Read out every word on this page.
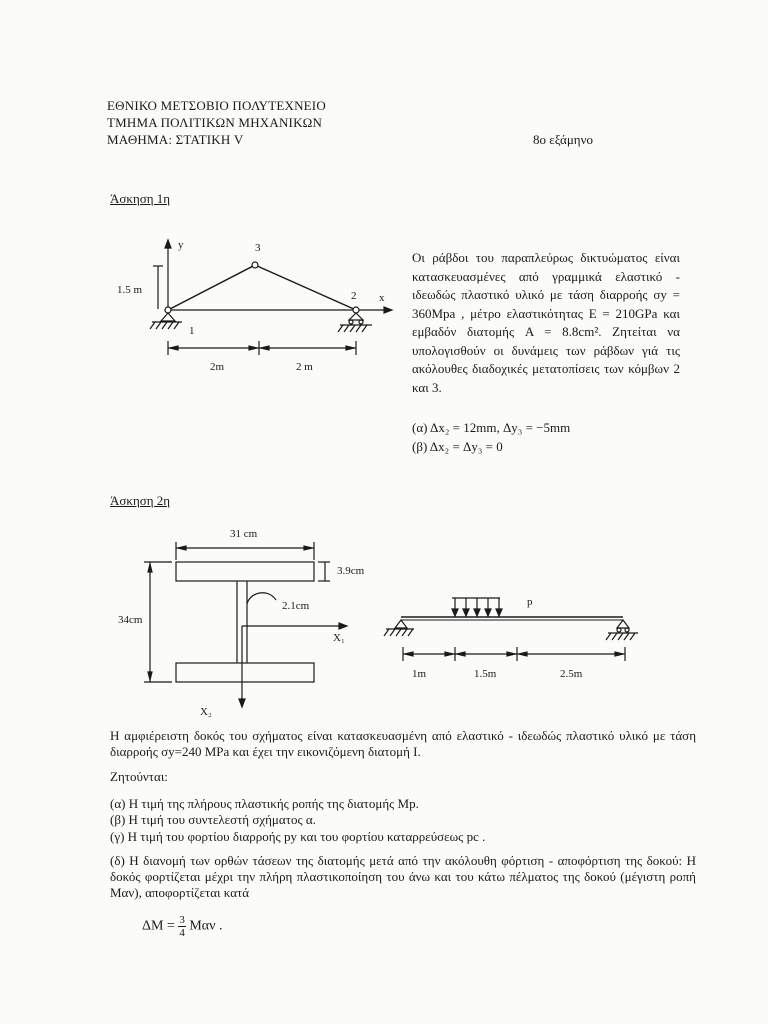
ΕΘΝΙΚΟ ΜΕΤΣΟΒΙΟ ΠΟΛΥΤΕΧΝΕΙΟ
ΤΜΗΜΑ ΠΟΛΙΤΙΚΩΝ ΜΗΧΑΝΙΚΩΝ
ΜΑΘΗΜΑ: ΣΤΑΤΙΚΗ V	8ο εξάμηνο
Άσκηση 1η
y
x
3
2
1
1.5 m
2m	2 m
Οι ράβδοι του παραπλεύρως δικτυώματος είναι κατασκευασμένες από γραμμικά ελαστικό - ιδεωδώς πλαστικό υλικό με τάση διαρροής σy = 360Mpa , μέτρο ελαστικότητας E = 210GPa και εμβαδόν διατομής A = 8.8cm². Ζητείται να υπολογισθούν οι δυνάμεις των ράβδων γιά τις ακόλουθες διαδοχικές μετατοπίσεις των κόμβων 2 και 3.
(α) Δx₂ = 12mm, Δy₃ = −5mm
(β) Δx₂ = Δy₃ = 0
Άσκηση 2η
31 cm
3.9cm
2.1cm
34cm
X₁
X₂
p
1m	1.5m	2.5m
Η αμφιέρειστη δοκός του σχήματος είναι κατασκευασμένη από ελαστικό - ιδεωδώς πλαστικό υλικό με τάση διαρροής σy=240 MPa και έχει την εικονιζόμενη διατομή Ι.
Ζητούνται:
(α) Η τιμή της πλήρους πλαστικής ροπής της διατομής Mp.
(β) Η τιμή του συντελεστή σχήματος α.
(γ) Η τιμή του φορτίου διαρροής py και του φορτίου καταρρεύσεως pc .
(δ) Η διανομή των ορθών τάσεων της διατομής μετά από την ακόλουθη φόρτιση - αποφόρτιση της δοκού: Η δοκός φορτίζεται μέχρι την πλήρη πλαστικοποίηση του άνω και του κάτω πέλματος της δοκού (μέγιστη ροπή Mαν), αποφορτίζεται κατά
$\Delta M = \frac{3}{4}$ Mαν .
